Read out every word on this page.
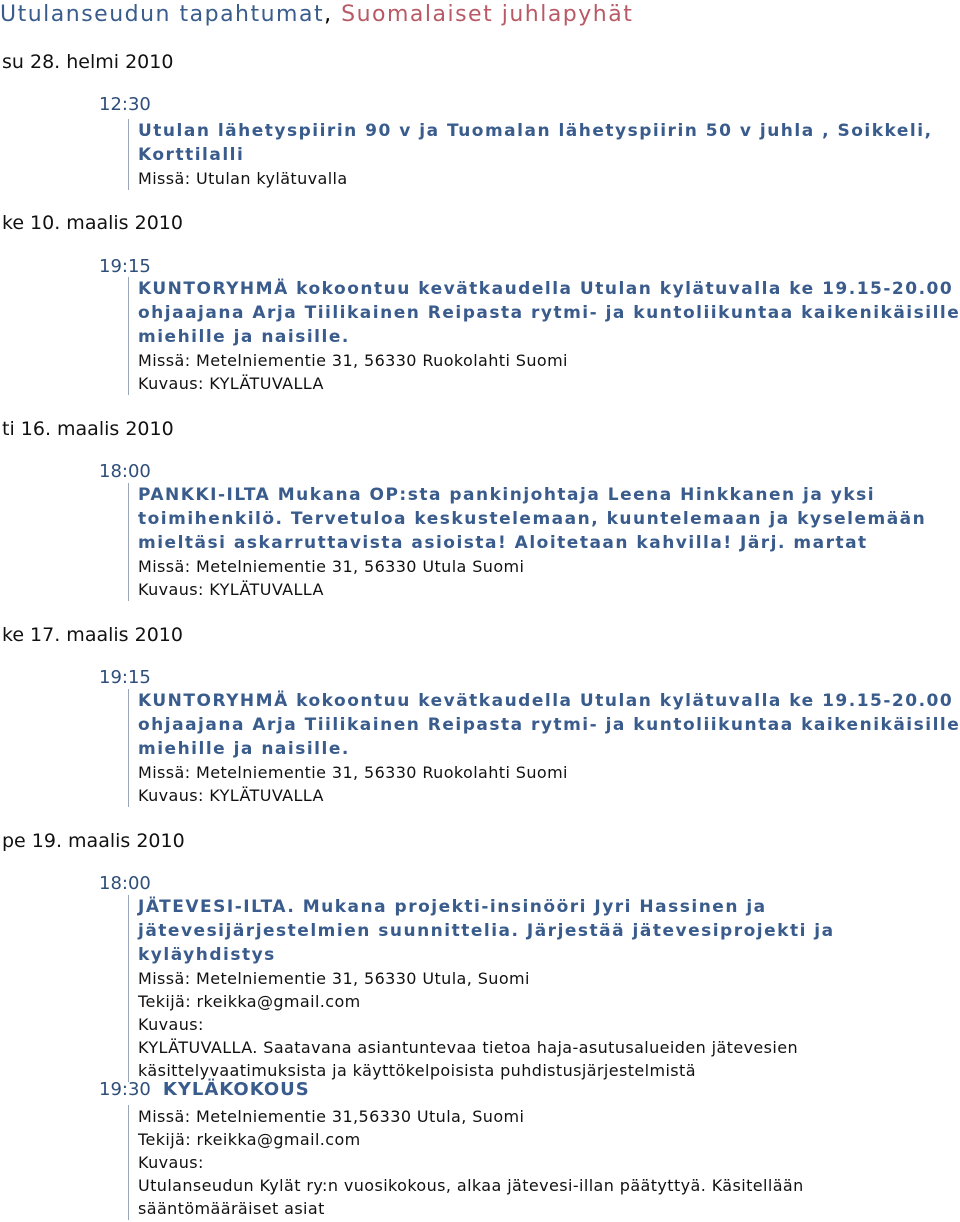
Utulanseudun tapahtumat, Suomalaiset juhlapyhät
su 28. helmi 2010
12:30

Utulan lähetyspiirin 90 v ja Tuomalan lähetyspiirin 50 v juhla , Soikkeli, Korttilalli

Missä: Utulan kylätuvalla

ke 10. maalis 2010
19:15

KUNTORYHMÄ kokoontuu kevätkaudella Utulan kylätuvalla ke 19.15-20.00 ohjaajana Arja Tiilikainen Reipasta rytmi- ja kuntoliikuntaa kaikenikäisille miehille ja naisille.

Missä: Metelniementie 31, 56330 Ruokolahti Suomi

Kuvaus: KYLÄTUVALLA

ti 16. maalis 2010
18:00

PANKKI-ILTA Mukana OP:sta pankinjohtaja Leena Hinkkanen ja yksi toimihenkilö. Tervetuloa keskustelemaan, kuuntelemaan ja kyselemään mieltäsi askarruttavista asioista! Aloitetaan kahvilla! Järj. martat

Missä: Metelniementie 31, 56330 Utula Suomi

Kuvaus: KYLÄTUVALLA

ke 17. maalis 2010
19:15

KUNTORYHMÄ kokoontuu kevätkaudella Utulan kylätuvalla ke 19.15-20.00 ohjaajana Arja Tiilikainen Reipasta rytmi- ja kuntoliikuntaa kaikenikäisille miehille ja naisille.

Missä: Metelniementie 31, 56330 Ruokolahti Suomi

Kuvaus: KYLÄTUVALLA

pe 19. maalis 2010
18:00

JÄTEVESI-ILTA. Mukana projekti-insinööri Jyri Hassinen ja jätevesijärjestelmien suunnittelia. Järjestää jätevesiprojekti ja kyläyhdistys

Missä: Metelniementie 31, 56330 Utula, Suomi

Tekijä: rkeikka@gmail.com

Kuvaus:

KYLÄTUVALLA. Saatavana asiantuntevaa tietoa haja-asutusalueiden jätevesien

käsittelyvaatimuksista ja käyttökelpoisista puhdistusjärjestelmistä

19:30 KYLÄKOKOUS

Missä: Metelniementie 31,56330 Utula, Suomi

Tekijä: rkeikka@gmail.com

Kuvaus:

Utulanseudun Kylät ry:n vuosikokous, alkaa jätevesi-illan päätyttyä. Käsitellään

sääntömääräiset asiat
